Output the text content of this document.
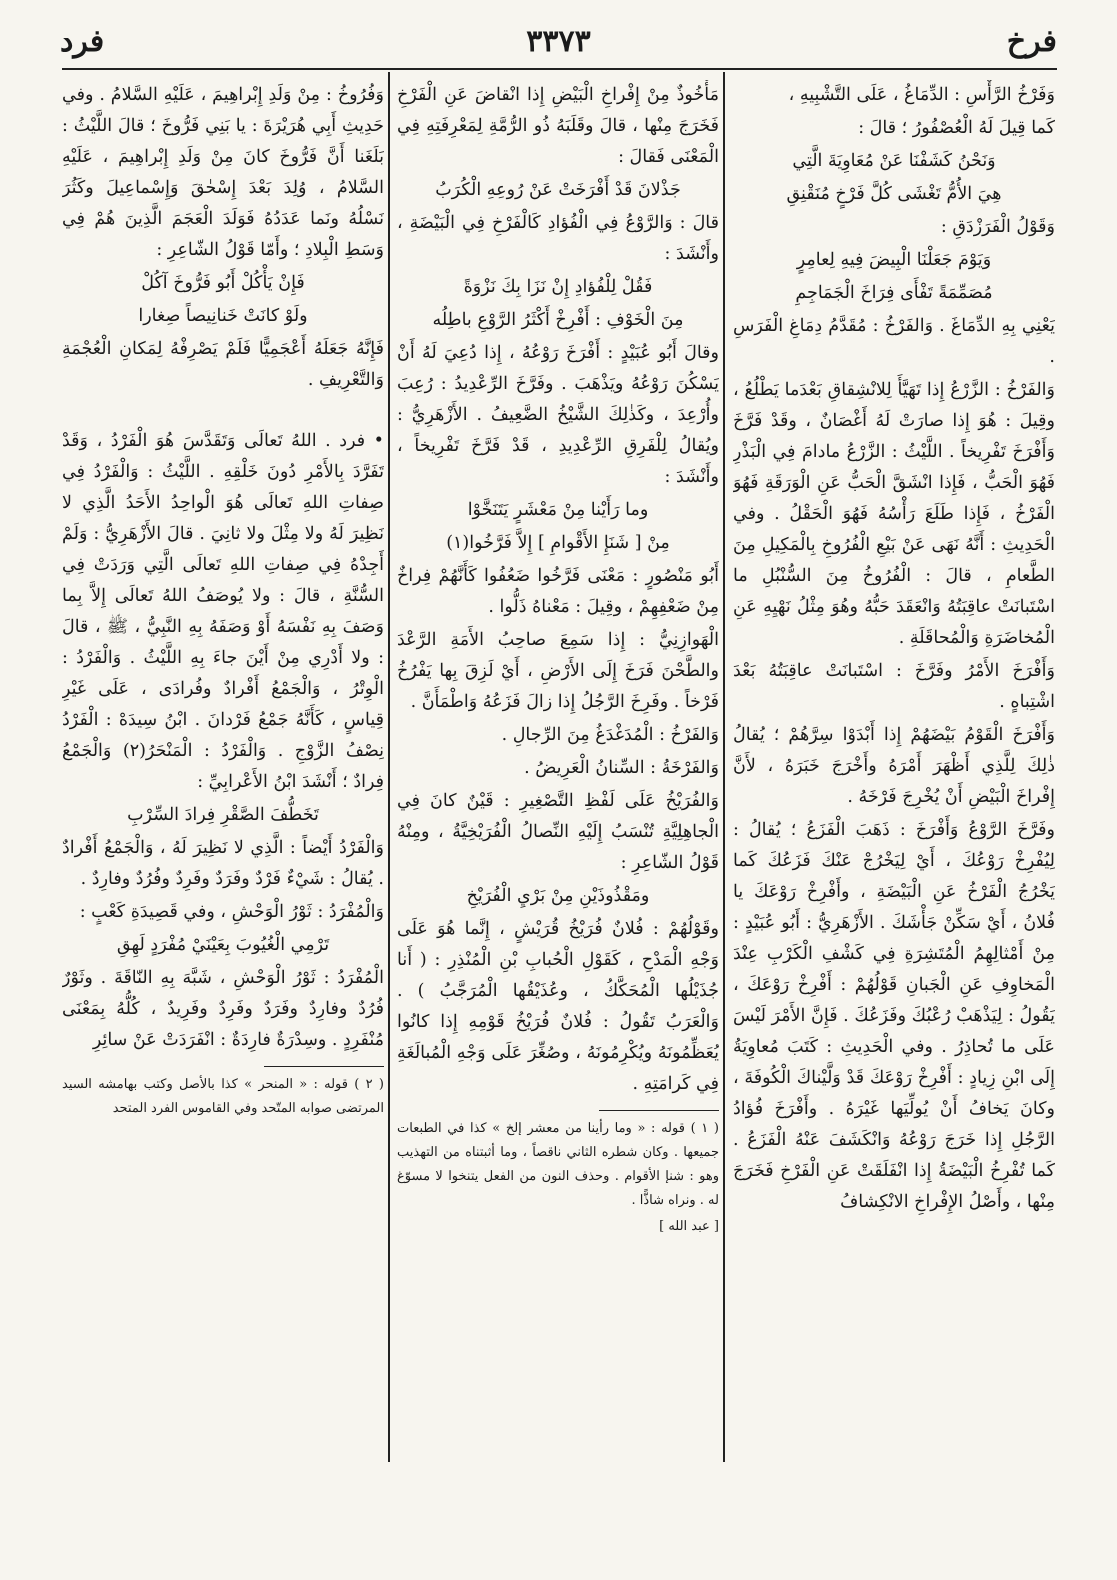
فرخ
٣٣٧٣
فرد

وَفَرْخُ الرَّأْسِ : الدِّمَاغُ ، عَلَى التَّشْبِيهِ ،

كَما قِيلَ لَهُ الْعُصْفُورُ ؛ قالَ :

وَنَحْنُ كَشَفْنَا عَنْ مُعَاوِيَةَ الَّتِي

هِيَ الأُمُّ تَغْشَى كُلَّ فَرْخٍ مُنَقْنِقِ

وَقَوْلُ الْفَرَزْدَقِ :

وَيَوْمَ جَعَلْنَا الْبِيضَ فِيهِ لِعامِرٍ

مُصَمِّمَةً تَفْأَى فِرَاخَ الْجَمَاجِمِ

يَعْنِي بِهِ الدِّمَاغَ . وَالفَرْخُ : مُقَدَّمُ دِمَاغِ الْفَرَسِ .

وَالفَرْخُ : الزَّرْعُ إِذا تَهَيَّأَ لِلانْشِقاقِ بَعْدَما يَطْلُعُ ، وقِيلَ : هُوَ إِذا صارَتْ لَهُ أَغْصَانٌ ، وقَدْ فَرَّخَ وَأَفْرَخَ تَفْرِيخاً . اللَّيْثُ : الزَّرْعُ مادامَ فِي الْبَذْرِ فَهُوَ الْحَبُّ ، فَإِذا انْشَقَّ الْحَبُّ عَنِ الْوَرَقَةِ فَهُوَ الْفَرْخُ ، فَإِذا طَلَعَ رَأْسُهُ فَهُوَ الْحَقْلُ . وفي الْحَدِيثِ : أَنَّهُ نَهَى عَنْ بَيْعِ الْفُرُوخِ بِالْمَكِيلِ مِنَ الطَّعامِ ، قالَ : الْفُرُوخُ مِنَ السُّنْبُلِ ما اسْتَبانَتْ عاقِبَتُهُ وَانْعَقَدَ حَبُّهُ وهُوَ مِثْلُ نَهْيِهِ عَنِ الْمُخاضَرَةِ وَالْمُحاقَلَةِ .

وَأَفْرَخَ الأَمْرُ وفَرَّخَ : اسْتَبانَتْ عاقِبَتُهُ بَعْدَ اشْتِباهٍ .

وَأَفْرَخَ الْقَوْمُ بَيْضَهُمْ إِذا أَبْدَوْا سِرَّهُمْ ؛ يُقالُ ذٰلِكَ لِلَّذِي أَظْهَرَ أَمْرَهُ وأَخْرَجَ خَبَرَهُ ، لأَنَّ إِفْراخَ الْبَيْضِ أَنْ يُخْرِجَ فَرْخَهُ .

وفَرَّخَ الرَّوْعُ وَأَفْرَخَ : ذَهَبَ الْفَزَعُ ؛ يُقالُ : لِيُفْرِخْ رَوْعُكَ ، أَيْ لِيَخْرُجْ عَنْكَ فَزَعُكَ كَما يَخْرُجُ الْفَرْخُ عَنِ الْبَيْضَةِ ، وأَفْرِخْ رَوْعَكَ يا فُلانُ ، أَيْ سَكِّنْ جَأْشَكَ . الأَزْهَرِيُّ : أَبُو عُبَيْدٍ : مِنْ أَمْثالِهِمُ الْمُتَشِرَةِ فِي كَشْفِ الْكَرْبِ عِنْدَ الْمَخاوِفِ عَنِ الْجَبانِ قَوْلُهُمْ : أَفْرِخْ رَوْعَكَ ، يَقُولُ : لِيَذْهَبْ رُعْبُكَ وفَزَعُكَ . فَإِنَّ الأَمْرَ لَيْسَ عَلَى ما تُحاذِرُ . وفي الْحَدِيثِ : كَتَبَ مُعاوِيَةُ إِلَى ابْنِ زِيادٍ : أَفْرِخْ رَوْعَكَ قَدْ وَلَّيْناكَ الْكُوفَةَ ، وكانَ يَخافُ أَنْ يُولِّيَها غَيْرَهُ . وأَفْرَخَ فُؤادُ الرَّجُلِ إِذا خَرَجَ رَوْعُهُ وَانْكَشَفَ عَنْهُ الْفَزَعُ . كَما تُفْرِخُ الْبَيْضَةُ إِذا انْفَلَقَتْ عَنِ الْفَرْخِ فَخَرَجَ مِنْها ، وأَصْلُ الإِفْراخِ الانْكِشافُ

مَأْخُوذٌ مِنْ إِفْراخِ الْبَيْضِ إِذا انْقاضَ عَنِ الْفَرْخِ فَخَرَجَ مِنْها ، قالَ وقَلَبَهُ ذُو الرُّمَّةِ لِمَعْرِفَتِهِ فِي الْمَعْنَى فَقالَ :

جَذْلانَ قَدْ أَفْرَخَتْ عَنْ رُوعِهِ الْكُرَبُ

قالَ : وَالرَّوْعُ فِي الْفُؤادِ كَالْفَرْخِ فِي الْبَيْضَةِ ، وأَنْشَدَ :

فَقُلْ لِلْفُؤادِ إِنْ نَزَا بِكَ نَزْوَةً

مِنَ الْخَوْفِ : أَفْرِخْ أَكْثَرُ الرَّوْعِ باطِلُه

وقالَ أَبُو عُبَيْدٍ : أَفْرَخَ رَوْعُهُ ، إِذا دُعِيَ لَهُ أَنْ يَسْكُنَ رَوْعُهُ ويَذْهَبَ . وفَرَّخَ الرِّعْدِيدُ : رُعِبَ وأُرْعِدَ ، وكَذٰلِكَ الشَّيْخُ الضَّعِيفُ . الأَزْهَرِيُّ : ويُقالُ لِلْفَرِقِ الرِّعْدِيدِ ، قَدْ فَرَّخَ تَفْرِيخاً ، وأَنْشَدَ :

وما رَأَيْنا مِنْ مَعْشَرٍ يَتَنَخَّوْا

مِنْ [ شَنَإِ الأَقْوامِ ] إِلاَّ فَرَّخُوا(١)

أَبُو مَنْصُورٍ : مَعْنَى فَرَّخُوا ضَعُفُوا كَأَنَّهُمْ فِراخٌ مِنْ ضَعْفِهِمْ ، وقِيلَ : مَعْناهُ ذَلُّوا .

الْهَوازِنِيُّ : إِذا سَمِعَ صاحِبُ الأَمَةِ الرَّعْدَ والطَّحْنَ فَرَخَ إِلَى الأَرْضِ ، أَيْ لَزِقَ بِها يَفْرُخُ فَرْخاً . وفَرِخَ الرَّجُلُ إِذا زالَ فَزَعُهُ وَاطْمَأَنَّ .

وَالفَرْخُ : الْمُدَغْدَغُ مِنَ الرِّجالِ .

وَالفَرْخَةُ : السِّنانُ الْعَرِيضُ .

وَالفُرَيْخُ عَلَى لَفْظِ التَّصْغِيرِ : قَيْنٌ كانَ فِي الْجاهِلِيَّةِ تُنْسَبُ إِلَيْهِ النِّصالُ الْفُرَيْخِيَّةُ ، ومِنْهُ قَوْلُ الشّاعِرِ :

ومَقْذُوذَيْنِ مِنْ بَرْيِ الْفُرَيْخِ

وقَوْلُهُمْ : فُلانٌ فُرَيْخُ قُرَيْشٍ ، إِنَّما هُوَ عَلَى وَجْهِ الْمَدْحِ ، كَقَوْلِ الْحُبابِ بْنِ الْمُنْذِرِ : ( أَنا جُذَيْلُها الْمُحَكَّكُ ، وعُذَيْقُها الْمُرَجَّبُ ) . وَالْعَرَبُ تَقُولُ : فُلانٌ فُرَيْخُ قَوْمِهِ إِذا كانُوا يُعَظِّمُونَهُ ويُكْرِمُونَهُ ، وصُغِّرَ عَلَى وَجْهِ الْمُبالَغَةِ فِي كَرامَتِهِ .

( ١ ) قوله : « وما رأينا من معشر إلخ » كذا في الطبعات جميعها . وكان شطره الثاني ناقصاً ، وما أثبتناه من التهذيب وهو : شنإ الأقوام . وحذف النون من الفعل يتنخوا لا مسوّغ له . ونراه شاذًّا .

[ عبد الله ]

وَفُرُوخُ : مِنْ وَلَدِ إِبْراهِيمَ ، عَلَيْهِ السَّلامُ . وفي حَدِيثِ أَبِي هُرَيْرَةَ : يا بَنِي فَرُّوخَ ؛ قالَ اللَّيْثُ : بَلَغَنا أَنَّ فَرُّوخَ كانَ مِنْ وَلَدِ إِبْراهِيمَ ، عَلَيْهِ السَّلامُ ، وُلِدَ بَعْدَ إِسْحٰقَ وَإِسْماعِيلَ وكَثُرَ نَسْلُهُ ونَما عَدَدُهُ فَوَلَدَ الْعَجَمَ الَّذِينَ هُمْ فِي وَسَطِ الْبِلادِ ؛ وأَمّا قَوْلُ الشّاعِرِ :

فَإِنْ يَأْكُلْ أَبُو فَرُّوخَ آكُلْ

ولَوْ كانَتْ خَنانِيصاً صِغارا

فَإِنَّهُ جَعَلَهُ أَعْجَمِيًّا فَلَمْ يَصْرِفْهُ لِمَكانِ الْعُجْمَةِ وَالتَّعْرِيفِ .

• فرد . اللهُ تَعالَى وَتَقَدَّسَ هُوَ الْفَرْدُ ، وَقَدْ تَفَرَّدَ بِالأَمْرِ دُونَ خَلْقِهِ . اللَّيْثُ : وَالْفَرْدُ فِي صِفاتِ اللهِ تَعالَى هُوَ الْواحِدُ الأَحَدُ الَّذِي لا نَظِيرَ لَهُ ولا مِثْلَ ولا ثانِيَ . قالَ الأَزْهَرِيُّ : وَلَمْ أَجِدْهُ فِي صِفاتِ اللهِ تَعالَى الَّتِي وَرَدَتْ فِي السُّنَّةِ ، قالَ : ولا يُوصَفُ اللهُ تَعالَى إِلاَّ بِما وَصَفَ بِهِ نَفْسَهُ أَوْ وَصَفَهُ بِهِ النَّبِيُّ ، ﷺ ، قالَ : ولا أَدْرِي مِنْ أَيْنَ جاءَ بِهِ اللَّيْثُ . وَالْفَرْدُ : الْوِتْرُ ، وَالْجَمْعُ أَفْرادٌ وفُرادَى ، عَلَى غَيْرِ قِياسٍ ، كَأَنَّهُ جَمْعُ فَرْدانَ . ابْنُ سِيدَهْ : الْفَرْدُ نِصْفُ الزَّوْجِ . وَالْفَرْدُ : الْمَنْحَرُ(٢) وَالْجَمْعُ فِرادٌ ؛ أَنْشَدَ ابْنُ الأَعْرابِيِّ :

تَخَطُّفَ الصَّقْرِ فِرادَ السِّرْبِ

وَالْفَرْدُ أَيْضاً : الَّذِي لا نَظِيرَ لَهُ ، وَالْجَمْعُ أَفْرادٌ . يُقالُ : شَيْءٌ فَرْدٌ وفَرَدٌ وفَرِدٌ وفُرُدٌ وفارِدٌ .

وَالْمُفْرَدُ : ثَوْرُ الْوَحْشِ ، وفي قَصِيدَةِ كَعْبٍ :

تَرْمِي الْغُيُوبَ بِعَيْنَيْ مُفْرَدٍ لَهِقِ

الْمُفْرَدُ : ثَوْرُ الْوَحْشِ ، شَبَّهَ بِهِ النّاقَةَ . وثَوْرٌ فُرُدٌ وفارِدٌ وفَرَدٌ وفَرِدٌ وفَرِيدٌ ، كُلُّهُ بِمَعْنَى مُنْفَرِدٍ . وسِدْرَةٌ فارِدَةٌ : انْفَرَدَتْ عَنْ سائِرِ

( ٢ ) قوله : « المنحر » كذا بالأصل وكتب بهامشه السيد المرتضى صوابه المتّحد وفي القاموس الفرد المتحد
